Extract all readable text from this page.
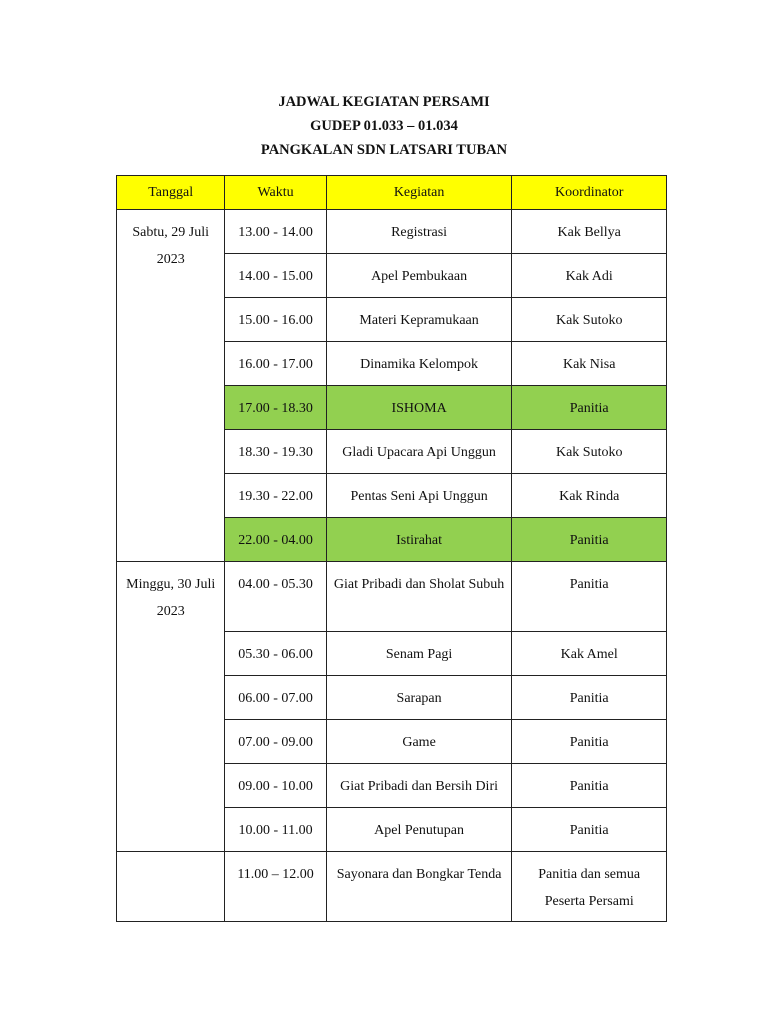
JADWAL KEGIATAN PERSAMI
GUDEP 01.033 – 01.034
PANGKALAN SDN LATSARI TUBAN
Tanggal	Waktu	Kegiatan	Koordinator
Sabtu, 29 Juli 2023	13.00 - 14.00	Registrasi	Kak Bellya
	14.00 - 15.00	Apel Pembukaan	Kak Adi
	15.00 - 16.00	Materi Kepramukaan	Kak Sutoko
	16.00 - 17.00	Dinamika Kelompok	Kak Nisa
	17.00 - 18.30	ISHOMA	Panitia
	18.30 - 19.30	Gladi Upacara Api Unggun	Kak Sutoko
	19.30 - 22.00	Pentas Seni Api Unggun	Kak Rinda
	22.00 - 04.00	Istirahat	Panitia
Minggu, 30 Juli 2023	04.00 - 05.30	Giat Pribadi dan Sholat Subuh	Panitia
	05.30 - 06.00	Senam Pagi	Kak Amel
	06.00 - 07.00	Sarapan	Panitia
	07.00 - 09.00	Game	Panitia
	09.00 - 10.00	Giat Pribadi dan Bersih Diri	Panitia
	10.00 - 11.00	Apel Penutupan	Panitia
	11.00 – 12.00	Sayonara dan Bongkar Tenda	Panitia dan semua Peserta Persami
